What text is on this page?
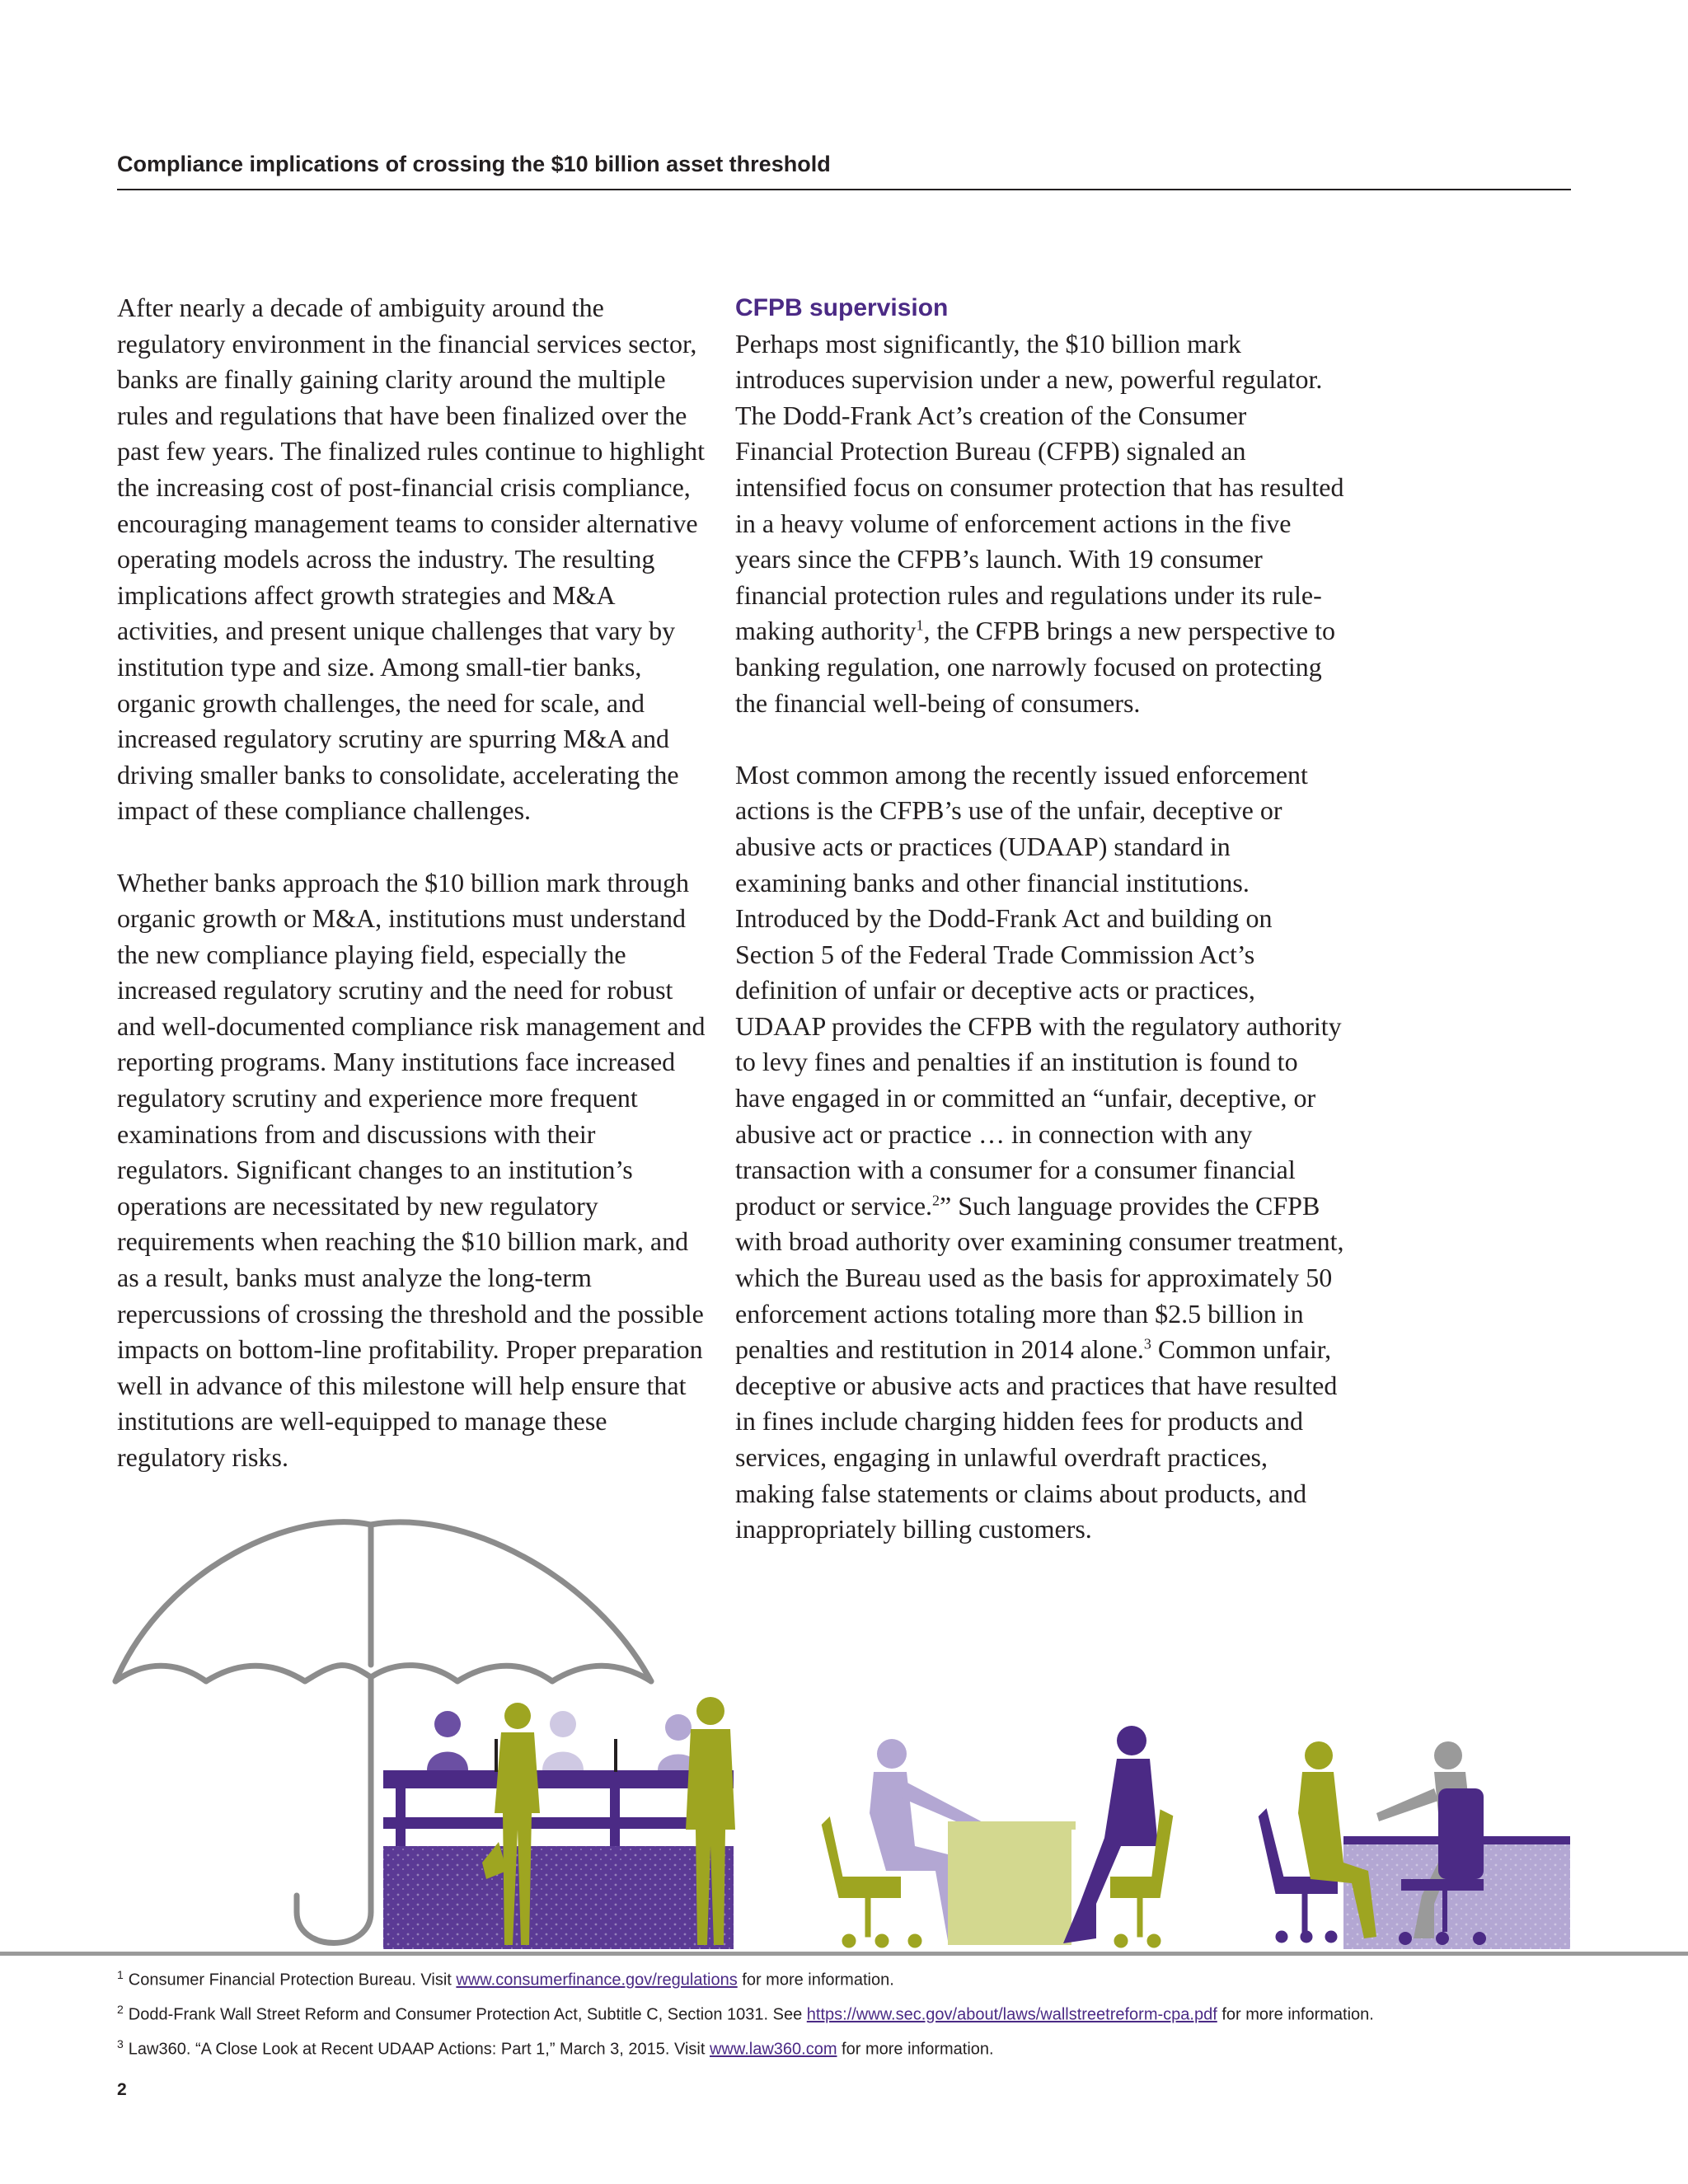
Compliance implications of crossing the $10 billion asset threshold

After nearly a decade of ambiguity around the regulatory environment in the financial services sector, banks are finally gaining clarity around the multiple rules and regulations that have been finalized over the past few years. The finalized rules continue to highlight the increasing cost of post-financial crisis compliance, encouraging management teams to consider alternative operating models across the industry. The resulting implications affect growth strategies and M&A activities, and present unique challenges that vary by institution type and size. Among small-tier banks, organic growth challenges, the need for scale, and increased regulatory scrutiny are spurring M&A and driving smaller banks to consolidate, accelerating the impact of these compliance challenges.

Whether banks approach the $10 billion mark through organic growth or M&A, institutions must understand the new compliance playing field, especially the increased regulatory scrutiny and the need for robust and well-documented compliance risk management and reporting programs. Many institutions face increased regulatory scrutiny and experience more frequent examinations from and discussions with their regulators. Significant changes to an institution’s operations are necessitated by new regulatory requirements when reaching the $10 billion mark, and as a result, banks must analyze the long-term repercussions of crossing the threshold and the possible impacts on bottom-line profitability. Proper preparation well in advance of this milestone will help ensure that institutions are well-equipped to manage these regulatory risks.

CFPB supervision

Perhaps most significantly, the $10 billion mark introduces supervision under a new, powerful regulator. The Dodd-Frank Act’s creation of the Consumer Financial Protection Bureau (CFPB) signaled an intensified focus on consumer protection that has resulted in a heavy volume of enforcement actions in the five years since the CFPB’s launch. With 19 consumer financial protection rules and regulations under its rule-making authority$^1$, the CFPB brings a new perspective to banking regulation, one narrowly focused on protecting the financial well-being of consumers.

Most common among the recently issued enforcement actions is the CFPB’s use of the unfair, deceptive or abusive acts or practices (UDAAP) standard in examining banks and other financial institutions. Introduced by the Dodd-Frank Act and building on Section 5 of the Federal Trade Commission Act’s definition of unfair or deceptive acts or practices, UDAAP provides the CFPB with the regulatory authority to levy fines and penalties if an institution is found to have engaged in or committed an “unfair, deceptive, or abusive act or practice … in connection with any transaction with a consumer for a consumer financial product or service.$^2$” Such language provides the CFPB with broad authority over examining consumer treatment, which the Bureau used as the basis for approximately 50 enforcement actions totaling more than $2.5 billion in penalties and restitution in 2014 alone.$^3$ Common unfair, deceptive or abusive acts and practices that have resulted in fines include charging hidden fees for products and services, engaging in unlawful overdraft practices, making false statements or claims about products, and inappropriately billing customers.

$^1$ Consumer Financial Protection Bureau. Visit www.consumerfinance.gov/regulations for more information.
$^2$ Dodd-Frank Wall Street Reform and Consumer Protection Act, Subtitle C, Section 1031. See https://www.sec.gov/about/laws/wallstreetreform-cpa.pdf for more information.
$^3$ Law360. “A Close Look at Recent UDAAP Actions: Part 1,” March 3, 2015. Visit www.law360.com for more information.
2
